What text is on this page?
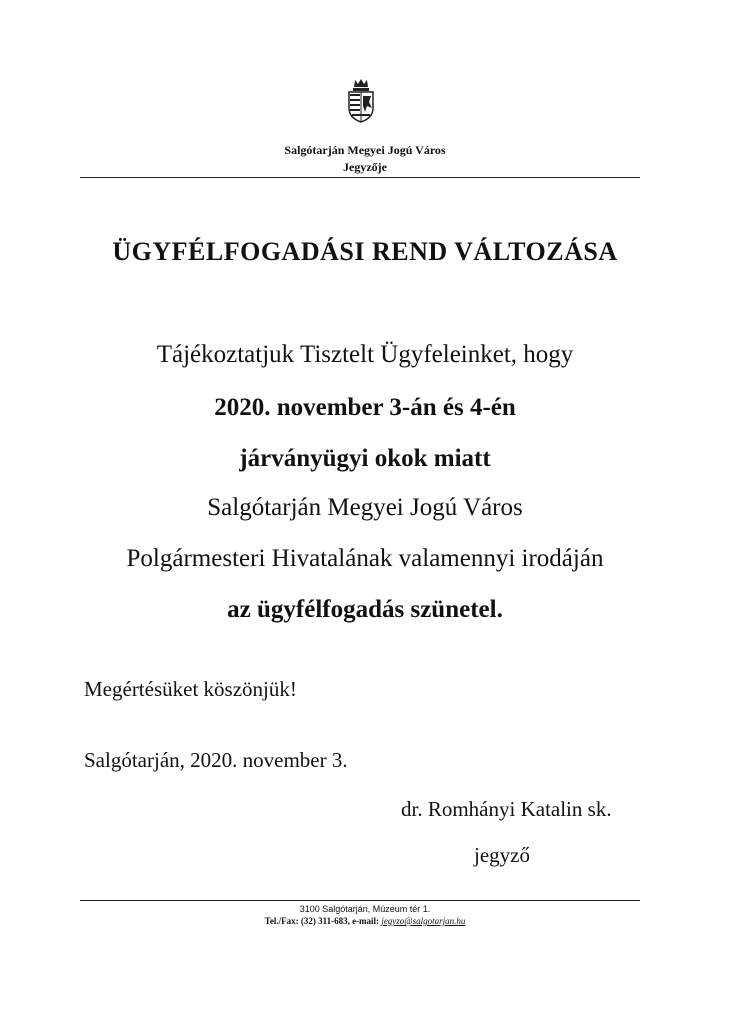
Salgótarján Megyei Jogú Város
Jegyzője
ÜGYFÉLFOGADÁSI REND VÁLTOZÁSA
Tájékoztatjuk Tisztelt Ügyfeleinket, hogy
2020. november 3-án és 4-én
járványügyi okok miatt
Salgótarján Megyei Jogú Város
Polgármesteri Hivatalának valamennyi irodáján
az ügyfélfogadás szünetel.
Megértésüket köszönjük!
Salgótarján, 2020. november 3.
dr. Romhányi Katalin sk.
jegyző
3100 Salgótarján, Múzeum tér 1.
Tel./Fax: (32) 311-683, e-mail: jegyzo@salgotarjan.hu
